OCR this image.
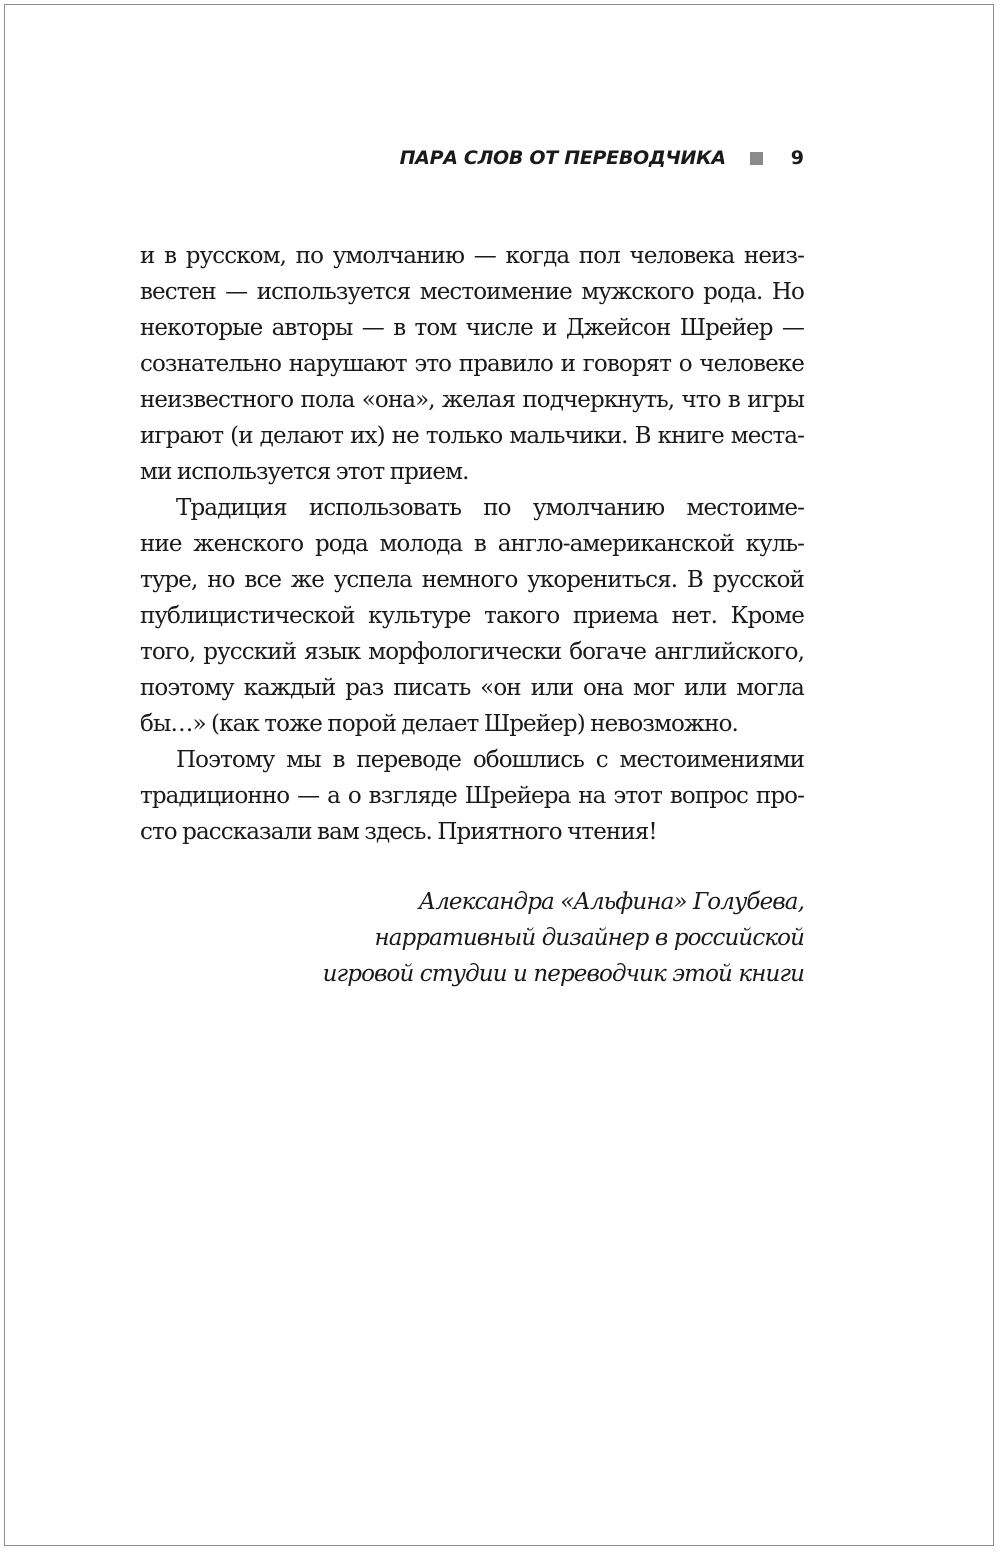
ПАРА СЛОВ ОТ ПЕРЕВОДЧИКА	9
и в русском, по умолчанию — когда пол человека неиз-
вестен — используется местоимение мужского рода. Но
некоторые авторы — в том числе и Джейсон Шрейер —
сознательно нарушают это правило и говорят о человеке
неизвестного пола «она», желая подчеркнуть, что в игры
играют (и делают их) не только мальчики. В книге места-
ми используется этот прием.
Традиция использовать по умолчанию местоиме-
ние женского рода молода в англо-американской куль-
туре, но все же успела немного укорениться. В русской
публицистической культуре такого приема нет. Кроме
того, русский язык морфологически богаче английского,
поэтому каждый раз писать «он или она мог или могла
бы…» (как тоже порой делает Шрейер) невозможно.
Поэтому мы в переводе обошлись с местоимениями
традиционно — а о взгляде Шрейера на этот вопрос про-
сто рассказали вам здесь. Приятного чтения!
Александра «Альфина» Голубева,
нарративный дизайнер в российской
игровой студии и переводчик этой книги
